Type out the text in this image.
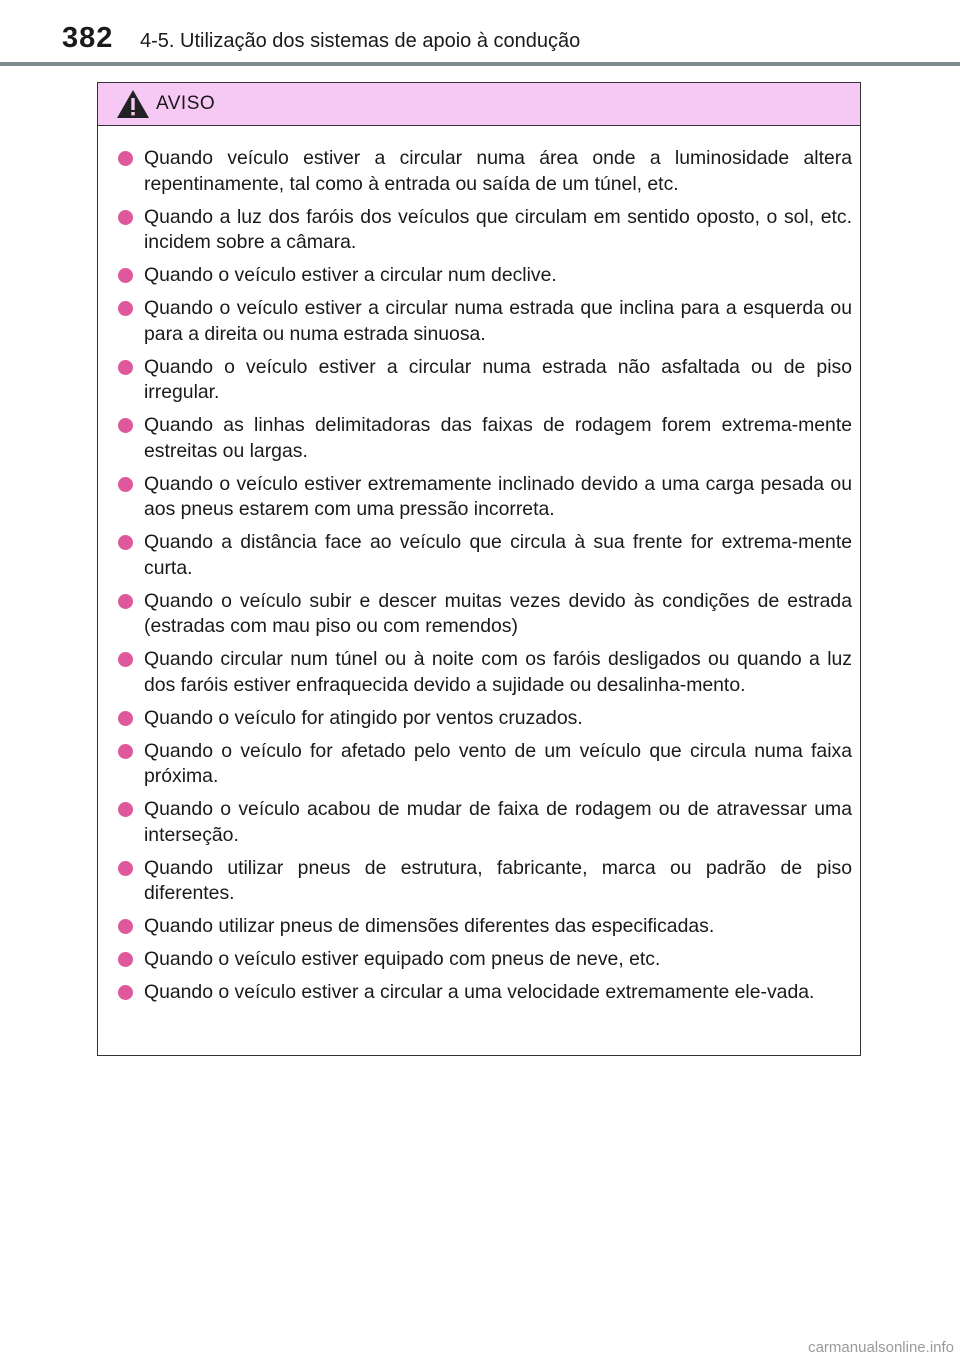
382 4-5. Utilização dos sistemas de apoio à condução
AVISO
Quando veículo estiver a circular numa área onde a luminosidade altera repentinamente, tal como à entrada ou saída de um túnel, etc.
Quando a luz dos faróis dos veículos que circulam em sentido oposto, o sol, etc. incidem sobre a câmara.
Quando o veículo estiver a circular num declive.
Quando o veículo estiver a circular numa estrada que inclina para a esquerda ou para a direita ou numa estrada sinuosa.
Quando o veículo estiver a circular numa estrada não asfaltada ou de piso irregular.
Quando as linhas delimitadoras das faixas de rodagem forem extrema-mente estreitas ou largas.
Quando o veículo estiver extremamente inclinado devido a uma carga pesada ou aos pneus estarem com uma pressão incorreta.
Quando a distância face ao veículo que circula à sua frente for extrema-mente curta.
Quando o veículo subir e descer muitas vezes devido às condições de estrada (estradas com mau piso ou com remendos)
Quando circular num túnel ou à noite com os faróis desligados ou quando a luz dos faróis estiver enfraquecida devido a sujidade ou desalinha-mento.
Quando o veículo for atingido por ventos cruzados.
Quando o veículo for afetado pelo vento de um veículo que circula numa faixa próxima.
Quando o veículo acabou de mudar de faixa de rodagem ou de atravessar uma interseção.
Quando utilizar pneus de estrutura, fabricante, marca ou padrão de piso diferentes.
Quando utilizar pneus de dimensões diferentes das especificadas.
Quando o veículo estiver equipado com pneus de neve, etc.
Quando o veículo estiver a circular a uma velocidade extremamente ele-vada.
carmanualsonline.info
